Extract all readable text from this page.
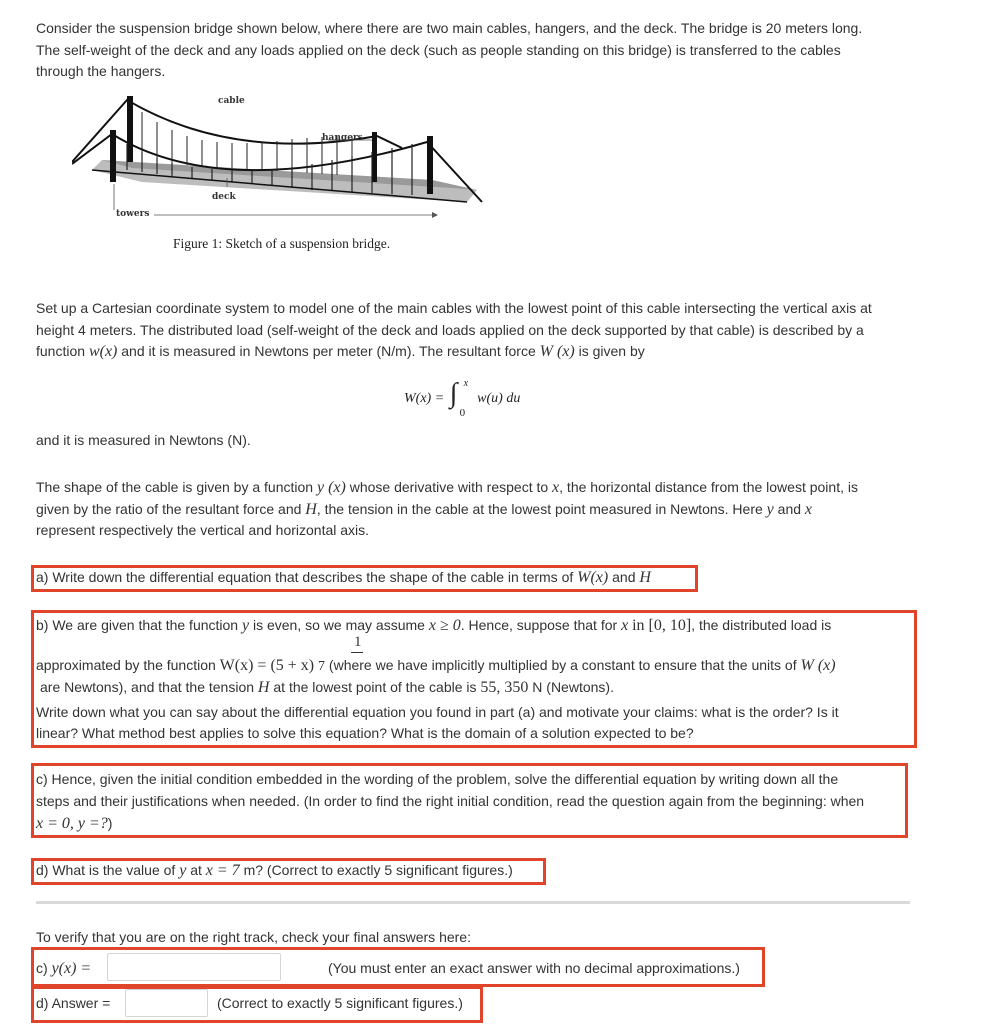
Consider the suspension bridge shown below, where there are two main cables, hangers, and the deck. The bridge is 20 meters long.
The self-weight of the deck and any loads applied on the deck (such as people standing on this bridge) is transferred to the cables
through the hangers.
cable
hangers
deck
towers
Figure 1: Sketch of a suspension bridge.
Set up a Cartesian coordinate system to model one of the main cables with the lowest point of this cable intersecting the vertical axis at
height 4 meters. The distributed load (self-weight of the deck and loads applied on the deck supported by that cable) is described by a
function w(x) and it is measured in Newtons per meter (N/m). The resultant force W (x) is given by
W(x) = ∫ x
0
w(u) du
and it is measured in Newtons (N).
The shape of the cable is given by a function y (x) whose derivative with respect to x, the horizontal distance from the lowest point, is
given by the ratio of the resultant force and H, the tension in the cable at the lowest point measured in Newtons. Here y and x
represent respectively the vertical and horizontal axis.
a) Write down the differential equation that describes the shape of the cable in terms of W(x) and H
b) We are given that the function y is even, so we may assume x ≥ 0. Hence, suppose that for x in [0, 10], the distributed load is
1
approximated by the function W(x) = (5 + x) 7 (where we have implicitly multiplied by a constant to ensure that the units of W (x)
are Newtons), and that the tension H at the lowest point of the cable is 55, 350 N (Newtons).
Write down what you can say about the differential equation you found in part (a) and motivate your claims: what is the order? Is it
linear? What method best applies to solve this equation? What is the domain of a solution expected to be?
c) Hence, given the initial condition embedded in the wording of the problem, solve the differential equation by writing down all the
steps and their justifications when needed. (In order to find the right initial condition, read the question again from the beginning: when
x = 0, y =?)
d) What is the value of y at x = 7 m? (Correct to exactly 5 significant figures.)
To verify that you are on the right track, check your final answers here:
c) y(x) =	(You must enter an exact answer with no decimal approximations.)
d) Answer =	(Correct to exactly 5 significant figures.)
